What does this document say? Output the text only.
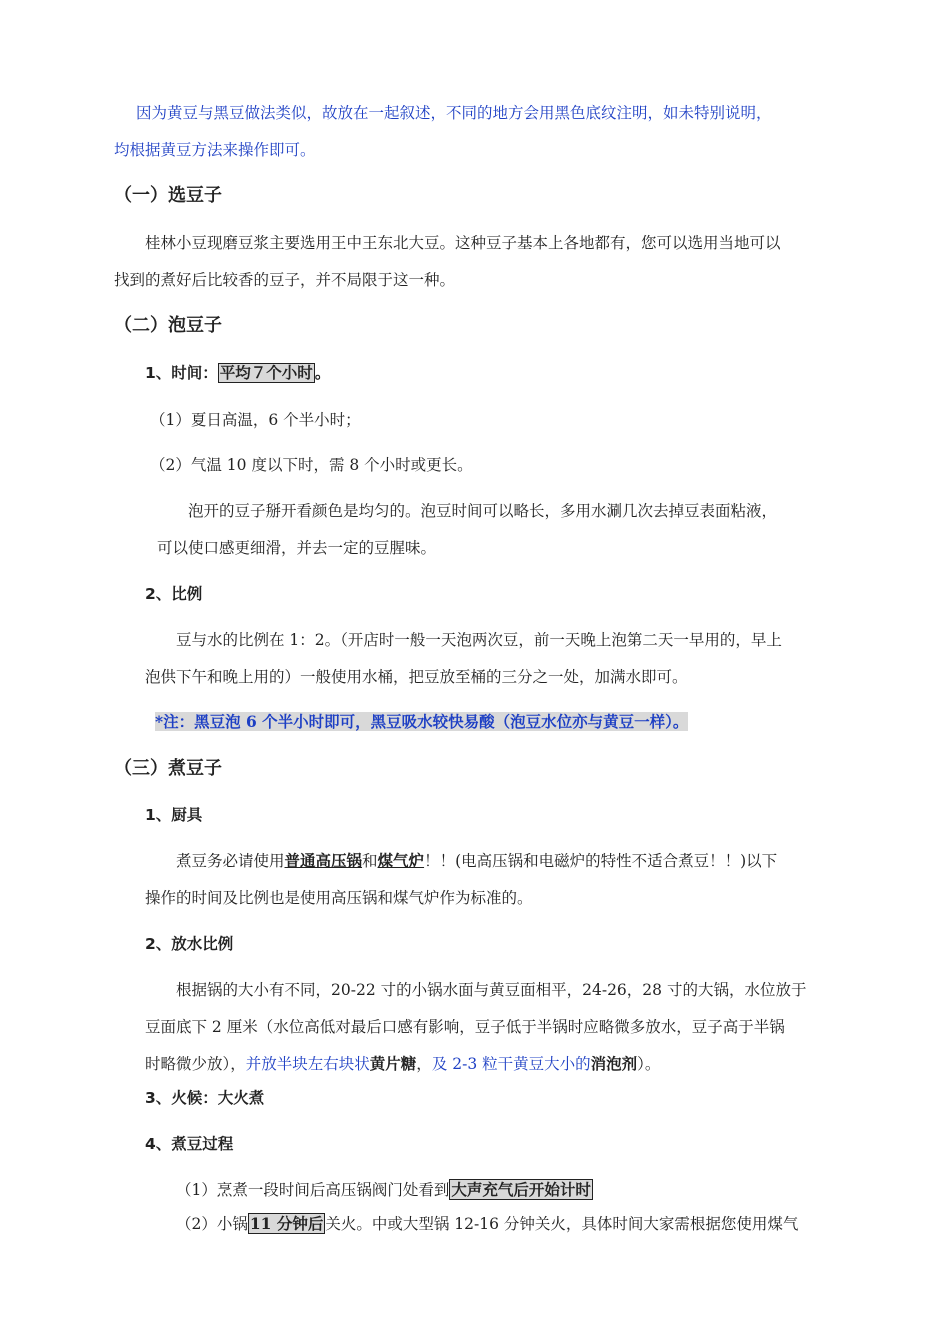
因为黄豆与黑豆做法类似，故放在一起叙述，不同的地方会用黑色底纹注明，如未特别说明，
均根据黄豆方法来操作即可。
（一）选豆子
桂林小豆现磨豆浆主要选用王中王东北大豆。这种豆子基本上各地都有，您可以选用当地可以
找到的煮好后比较香的豆子，并不局限于这一种。
（二）泡豆子
1、时间： 平均７个小时 。
（1）夏日高温，6 个半小时；
（2）气温 10 度以下时，需 8 个小时或更长。
泡开的豆子掰开看颜色是均匀的。泡豆时间可以略长，多用水涮几次去掉豆表面粘液，
可以使口感更细滑，并去一定的豆腥味。
2、比例
豆与水的比例在 1：2。（开店时一般一天泡两次豆，前一天晚上泡第二天一早用的，早上
泡供下午和晚上用的）一般使用水桶，把豆放至桶的三分之一处，加满水即可。
*注：黑豆泡 6 个半小时即可，黑豆吸水较快易酸（泡豆水位亦与黄豆一样）。
（三）煮豆子
1、厨具
煮豆务必请使用普通高压锅和煤气炉！！(电高压锅和电磁炉的特性不适合煮豆！！)以下
操作的时间及比例也是使用高压锅和煤气炉作为标准的。
2、放水比例
根据锅的大小有不同，20-22 寸的小锅水面与黄豆面相平，24-26，28 寸的大锅，水位放于
豆面底下 2 厘米（水位高低对最后口感有影响，豆子低于半锅时应略微多放水，豆子高于半锅
时略微少放），并放半块左右块状黄片糖，及 2-3 粒干黄豆大小的消泡剂）。
3、火候：大火煮
4、煮豆过程
（1）烹煮一段时间后高压锅阀门处看到 大声充气后开始计时
（2）小锅 11 分钟后 关火。中或大型锅 12-16 分钟关火，具体时间大家需根据您使用煤气
